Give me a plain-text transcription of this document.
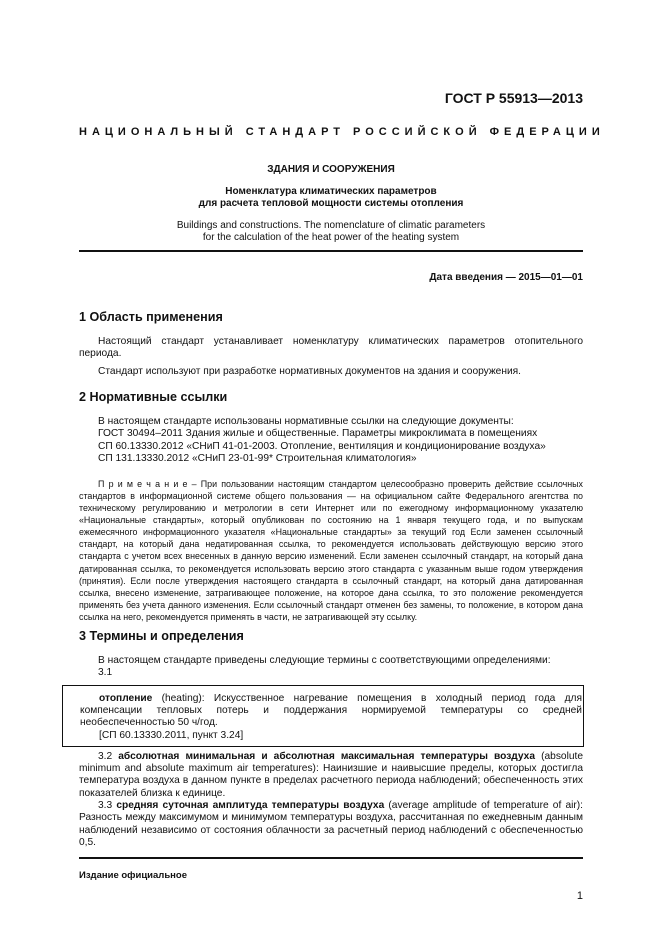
ГОСТ Р 55913—2013
НАЦИОНАЛЬНЫЙ СТАНДАРТ РОССИЙСКОЙ ФЕДЕРАЦИИ
ЗДАНИЯ И СООРУЖЕНИЯ
Номенклатура климатических параметров
для расчета тепловой мощности системы отопления
Buildings and constructions. The nomenclature of climatic parameters
for the calculation of the heat power of the heating system
Дата введения — 2015—01—01
1 Область применения
Настоящий стандарт устанавливает номенклатуру климатических параметров отопительного периода.
Стандарт используют при разработке нормативных документов на здания и сооружения.
2 Нормативные ссылки
В настоящем стандарте использованы нормативные ссылки на следующие документы:
ГОСТ 30494–2011 Здания жилые и общественные. Параметры микроклимата в помещениях
СП 60.13330.2012 «СНиП 41-01-2003. Отопление, вентиляция и кондиционирование воздуха»
СП 131.13330.2012 «СНиП 23-01-99* Строительная климатология»
П р и м е ч а н и е – При пользовании настоящим стандартом целесообразно проверить действие ссылочных стандартов в информационной системе общего пользования — на официальном сайте Федерального агентства по техническому регулированию и метрологии в сети Интернет или по ежегодному информационному указателю «Национальные стандарты», который опубликован по состоянию на 1 января текущего года, и по выпускам ежемесячного информационного указателя «Национальные стандарты» за текущий год Если заменен ссылочный стандарт, на который дана недатированная ссылка, то рекомендуется использовать действующую версию этого стандарта с учетом всех внесенных в данную версию изменений. Если заменен ссылочный стандарт, на который дана датированная ссылка, то рекомендуется использовать версию этого стандарта с указанным выше годом утверждения (принятия). Если после утверждения настоящего стандарта в ссылочный стандарт, на который дана датированная ссылка, внесено изменение, затрагивающее положение, на которое дана ссылка, то это положение рекомендуется применять без учета данного изменения. Если ссылочный стандарт отменен без замены, то положение, в котором дана ссылка на него, рекомендуется применять в части, не затрагивающей эту ссылку.
3 Термины и определения
В настоящем стандарте приведены следующие термины с соответствующими определениями:
3.1
отопление (heating): Искусственное нагревание помещения в холодный период года для компенсации тепловых потерь и поддержания нормируемой температуры со средней необеспеченностью 50 ч/год.
[СП 60.13330.2011, пункт 3.24]
3.2 абсолютная минимальная и абсолютная максимальная температуры воздуха (absolute minimum and absolute maximum air temperatures): Наинизшие и наивысшие пределы, которых достигла температура воздуха в данном пункте в пределах расчетного периода наблюдений; обеспеченность этих показателей близка к единице.
3.3 средняя суточная амплитуда температуры воздуха (average amplitude of temperature of air): Разность между максимумом и минимумом температуры воздуха, рассчитанная по ежедневным данным наблюдений независимо от состояния облачности за расчетный период наблюдений с обеспеченностью 0,5.
Издание официальное
1
